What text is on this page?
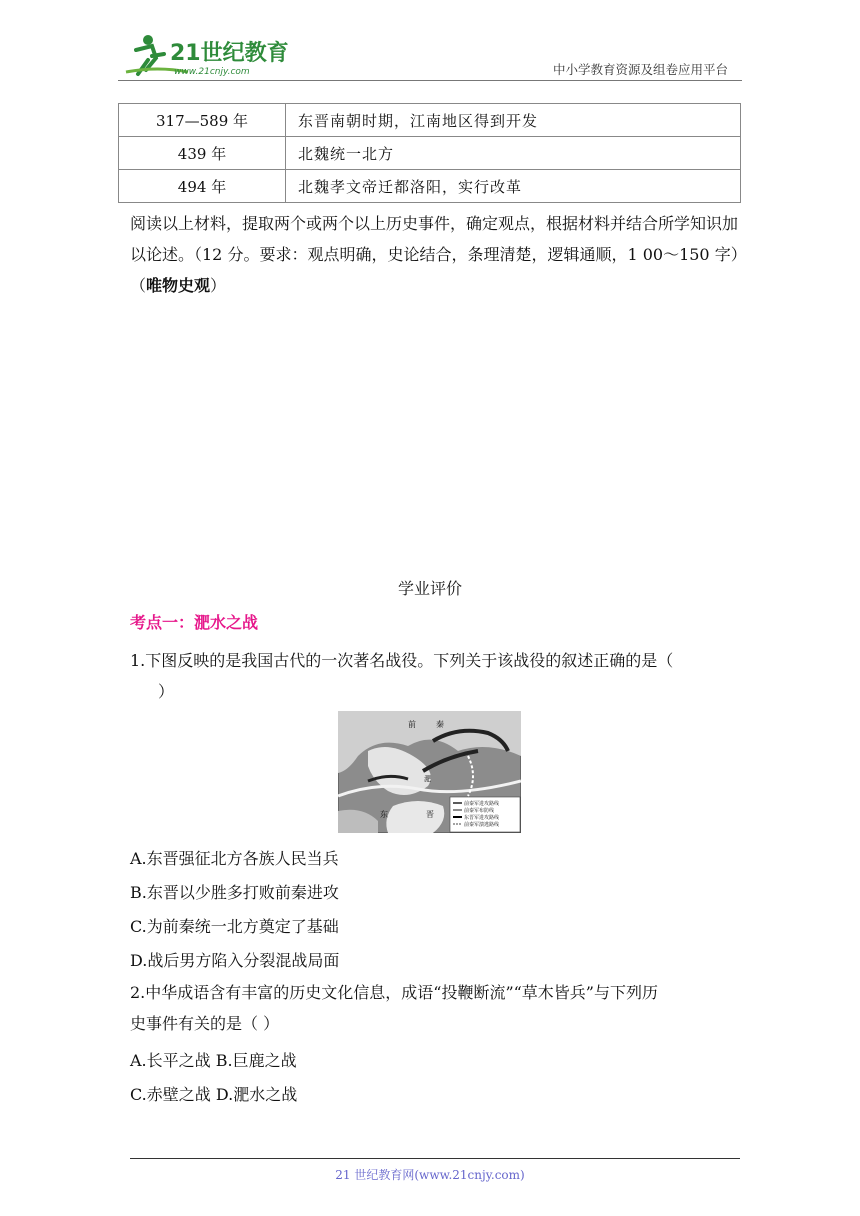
21世纪教育
www.21cnjy.com	中小学教育资源及组卷应用平台
317—589 年	东晋南朝时期，江南地区得到开发
439 年	北魏统一北方
494 年	北魏孝文帝迁都洛阳，实行改革
阅读以上材料，提取两个或两个以上历史事件，确定观点，根据材料并结合所学知识加以论述。（12 分。要求：观点明确，史论结合，条理清楚，逻辑通顺，1 00～150 字）（唯物史观）
学业评价
考点一：淝水之战
1.下图反映的是我国古代的一次著名战役。下列关于该战役的叙述正确的是（
）
前	秦
东	晋
淝
前秦军进攻路线
前秦军布防线
东晋军进攻路线
前秦军溃逃路线
A.东晋强征北方各族人民当兵
B.东晋以少胜多打败前秦进攻
C.为前秦统一北方奠定了基础
D.战后男方陷入分裂混战局面
2.中华成语含有丰富的历史文化信息，成语“投鞭断流”“草木皆兵”与下列历
史事件有关的是（ ）
A.长平之战 B.巨鹿之战
C.赤壁之战 D.淝水之战
21 世纪教育网(www.21cnjy.com)
